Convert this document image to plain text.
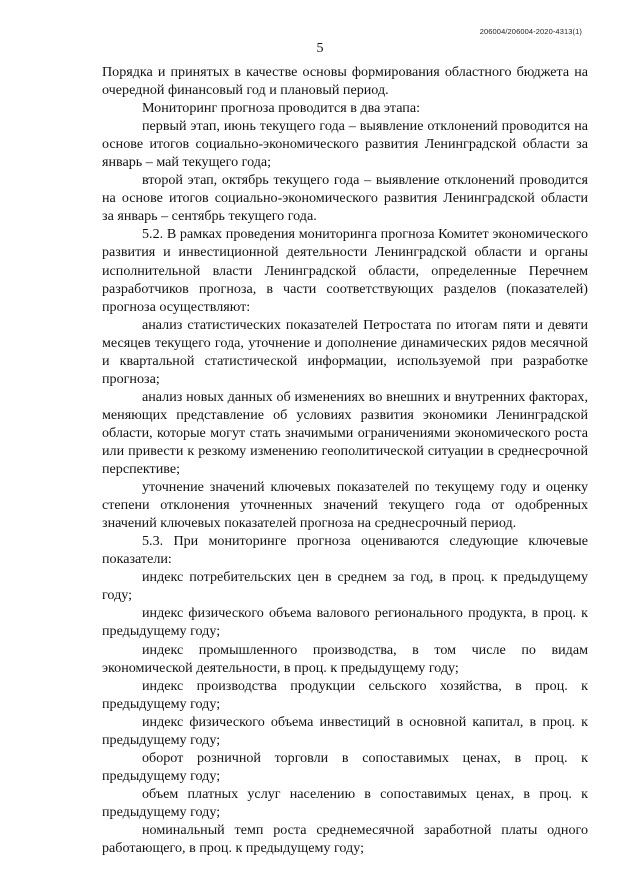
206004/206004-2020-4313(1)
5

Порядка и принятых в качестве основы формирования областного бюджета на очередной финансовый год и плановый период.

Мониторинг прогноза проводится в два этапа:

первый этап, июнь текущего года – выявление отклонений проводится на основе итогов социально-экономического развития Ленинградской области за январь – май текущего года;

второй этап, октябрь текущего года – выявление отклонений проводится на основе итогов социально-экономического развития Ленинградской области за январь – сентябрь текущего года.

5.2. В рамках проведения мониторинга прогноза Комитет экономического развития и инвестиционной деятельности Ленинградской области и органы исполнительной власти Ленинградской области, определенные Перечнем разработчиков прогноза, в части соответствующих разделов (показателей) прогноза осуществляют:

анализ статистических показателей Петростата по итогам пяти и девяти месяцев текущего года, уточнение и дополнение динамических рядов месячной и квартальной статистической информации, используемой при разработке прогноза;

анализ новых данных об изменениях во внешних и внутренних факторах, меняющих представление об условиях развития экономики Ленинградской области, которые могут стать значимыми ограничениями экономического роста или привести к резкому изменению геополитической ситуации в среднесрочной перспективе;

уточнение значений ключевых показателей по текущему году и оценку степени отклонения уточненных значений текущего года от одобренных значений ключевых показателей прогноза на среднесрочный период.

5.3. При мониторинге прогноза оцениваются следующие ключевые показатели:

индекс потребительских цен в среднем за год, в проц. к предыдущему году;

индекс физического объема валового регионального продукта, в проц. к предыдущему году;

индекс промышленного производства, в том числе по видам экономической деятельности, в проц. к предыдущему году;

индекс производства продукции сельского хозяйства, в проц. к предыдущему году;

индекс физического объема инвестиций в основной капитал, в проц. к предыдущему году;

оборот розничной торговли в сопоставимых ценах, в проц. к предыдущему году;

объем платных услуг населению в сопоставимых ценах, в проц. к предыдущему году;

номинальный темп роста среднемесячной заработной платы одного работающего, в проц. к предыдущему году;
